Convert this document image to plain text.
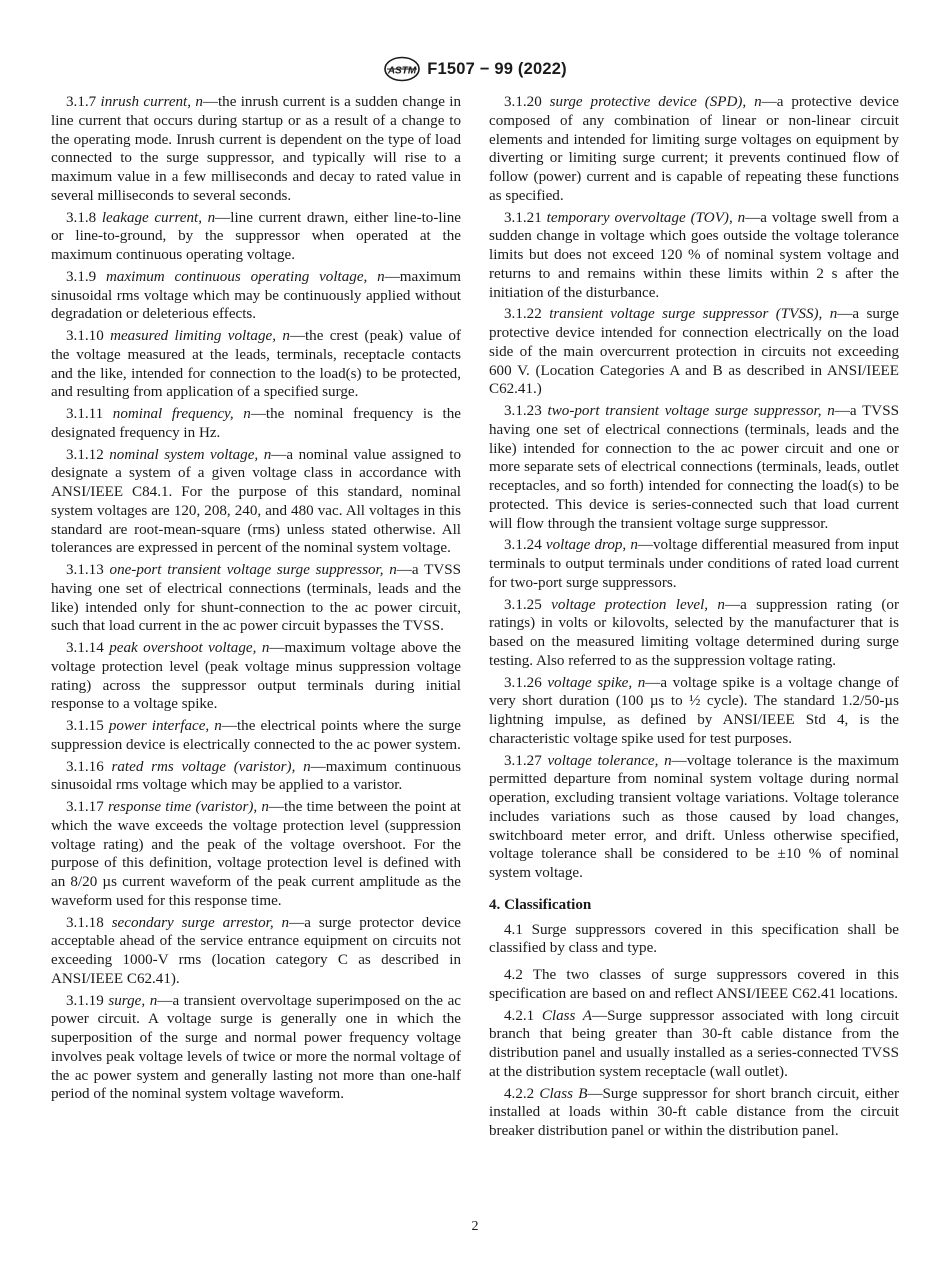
ASTM F1507 − 99 (2022)

3.1.7 inrush current, n—the inrush current is a sudden change in line current that occurs during startup or as a result of a change to the operating mode. Inrush current is dependent on the type of load connected to the surge suppressor, and typically will rise to a maximum value in a few milliseconds and decay to rated value in several milliseconds to several seconds.

3.1.8 leakage current, n—line current drawn, either line-to-line or line-to-ground, by the suppressor when operated at the maximum continuous operating voltage.

3.1.9 maximum continuous operating voltage, n—maximum sinusoidal rms voltage which may be continuously applied without degradation or deleterious effects.

3.1.10 measured limiting voltage, n—the crest (peak) value of the voltage measured at the leads, terminals, receptacle contacts and the like, intended for connection to the load(s) to be protected, and resulting from application of a specified surge.

3.1.11 nominal frequency, n—the nominal frequency is the designated frequency in Hz.

3.1.12 nominal system voltage, n—a nominal value assigned to designate a system of a given voltage class in accordance with ANSI/IEEE C84.1. For the purpose of this standard, nominal system voltages are 120, 208, 240, and 480 vac. All voltages in this standard are root-mean-square (rms) unless stated otherwise. All tolerances are expressed in percent of the nominal system voltage.

3.1.13 one-port transient voltage surge suppressor, n—a TVSS having one set of electrical connections (terminals, leads and the like) intended only for shunt-connection to the ac power circuit, such that load current in the ac power circuit bypasses the TVSS.

3.1.14 peak overshoot voltage, n—maximum voltage above the voltage protection level (peak voltage minus suppression voltage rating) across the suppressor output terminals during initial response to a voltage spike.

3.1.15 power interface, n—the electrical points where the surge suppression device is electrically connected to the ac power system.

3.1.16 rated rms voltage (varistor), n—maximum continuous sinusoidal rms voltage which may be applied to a varistor.

3.1.17 response time (varistor), n—the time between the point at which the wave exceeds the voltage protection level (suppression voltage rating) and the peak of the voltage overshoot. For the purpose of this definition, voltage protection level is defined with an 8/20 µs current waveform of the peak current amplitude as the waveform used for this response time.

3.1.18 secondary surge arrestor, n—a surge protector device acceptable ahead of the service entrance equipment on circuits not exceeding 1000-V rms (location category C as described in ANSI/IEEE C62.41).

3.1.19 surge, n—a transient overvoltage superimposed on the ac power circuit. A voltage surge is generally one in which the superposition of the surge and normal power frequency voltage involves peak voltage levels of twice or more the normal voltage of the ac power system and generally lasting not more than one-half period of the nominal system voltage waveform.

3.1.20 surge protective device (SPD), n—a protective device composed of any combination of linear or non-linear circuit elements and intended for limiting surge voltages on equipment by diverting or limiting surge current; it prevents continued flow of follow (power) current and is capable of repeating these functions as specified.

3.1.21 temporary overvoltage (TOV), n—a voltage swell from a sudden change in voltage which goes outside the voltage tolerance limits but does not exceed 120 % of nominal system voltage and returns to and remains within these limits within 2 s after the initiation of the disturbance.

3.1.22 transient voltage surge suppressor (TVSS), n—a surge protective device intended for connection electrically on the load side of the main overcurrent protection in circuits not exceeding 600 V. (Location Categories A and B as described in ANSI/IEEE C62.41.)

3.1.23 two-port transient voltage surge suppressor, n—a TVSS having one set of electrical connections (terminals, leads and the like) intended for connection to the ac power circuit and one or more separate sets of electrical connections (terminals, leads, outlet receptacles, and so forth) intended for connecting the load(s) to be protected. This device is series-connected such that load current will flow through the transient voltage surge suppressor.

3.1.24 voltage drop, n—voltage differential measured from input terminals to output terminals under conditions of rated load current for two-port surge suppressors.

3.1.25 voltage protection level, n—a suppression rating (or ratings) in volts or kilovolts, selected by the manufacturer that is based on the measured limiting voltage determined during surge testing. Also referred to as the suppression voltage rating.

3.1.26 voltage spike, n—a voltage spike is a voltage change of very short duration (100 µs to ½ cycle). The standard 1.2/50-µs lightning impulse, as defined by ANSI/IEEE Std 4, is the characteristic voltage spike used for test purposes.

3.1.27 voltage tolerance, n—voltage tolerance is the maximum permitted departure from nominal system voltage during normal operation, excluding transient voltage variations. Voltage tolerance includes variations such as those caused by load changes, switchboard meter error, and drift. Unless otherwise specified, voltage tolerance shall be considered to be ±10 % of nominal system voltage.

4. Classification

4.1 Surge suppressors covered in this specification shall be classified by class and type.

4.2 The two classes of surge suppressors covered in this specification are based on and reflect ANSI/IEEE C62.41 locations.

4.2.1 Class A—Surge suppressor associated with long circuit branch that being greater than 30-ft cable distance from the distribution panel and usually installed as a series-connected TVSS at the distribution system receptacle (wall outlet).

4.2.2 Class B—Surge suppressor for short branch circuit, either installed at loads within 30-ft cable distance from the circuit breaker distribution panel or within the distribution panel.

2
